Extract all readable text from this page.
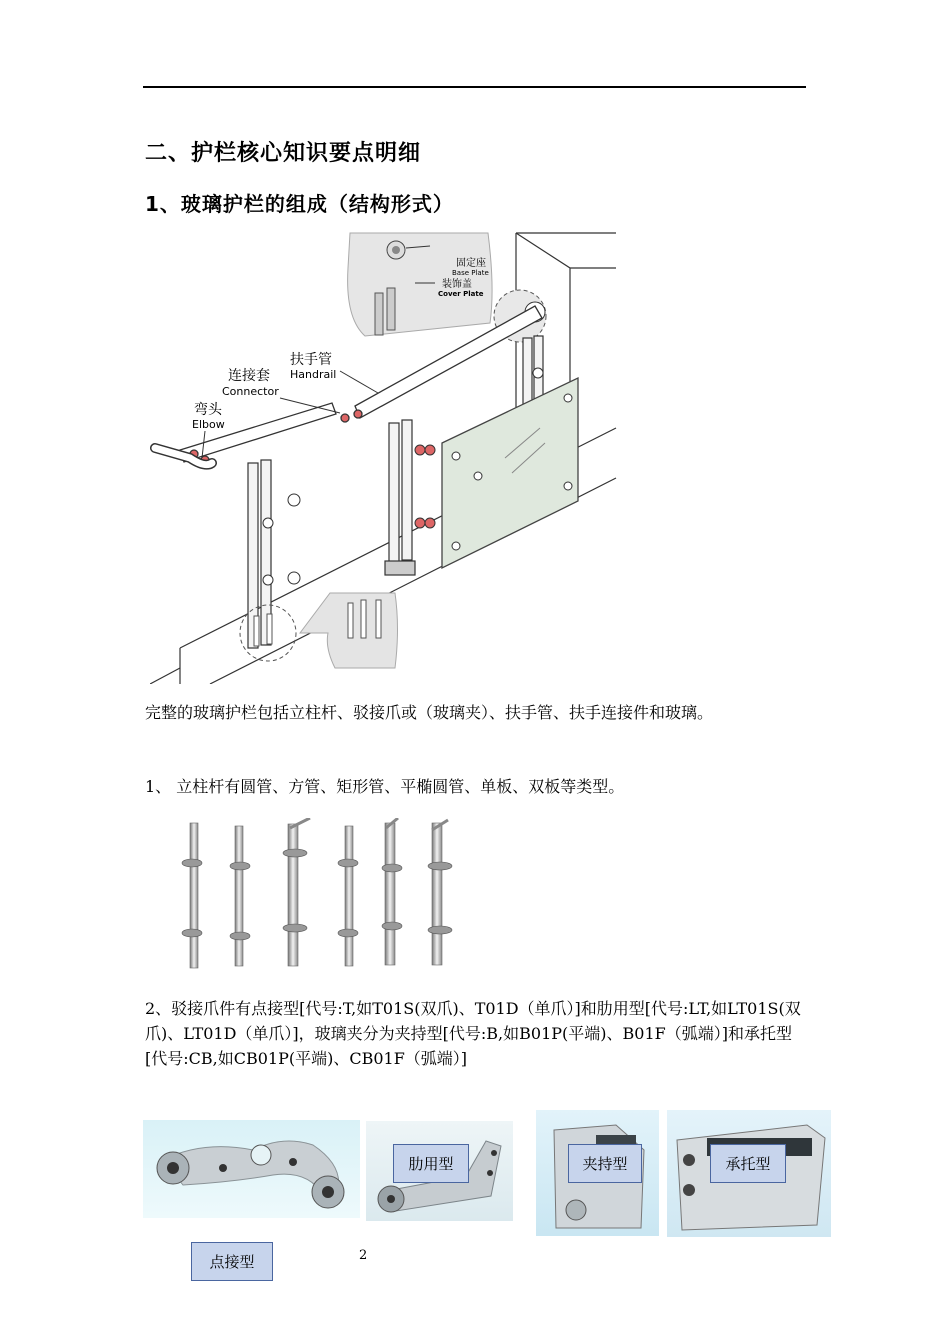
二、护栏核心知识要点明细
1、玻璃护栏的组成（结构形式）
固定座
Base Plate
装饰盖
Cover Plate
扶手管
Handrail
连接套
Connector
弯头
Elbow
完整的玻璃护栏包括立柱杆、驳接爪或（玻璃夹）、扶手管、扶手连接件和玻璃。
1、 立柱杆有圆管、方管、矩形管、平椭圆管、单板、双板等类型。
2、驳接爪件有点接型[代号:T,如T01S(双爪)、T01D（单爪）]和肋用型[代号:LT,如LT01S(双爪)、LT01D（单爪）]，玻璃夹分为夹持型[代号:B,如B01P(平端)、B01F（弧端）]和承托型[代号:CB,如CB01P(平端)、CB01F（弧端）]
点接型
肋用型	夹持型	承托型
2
